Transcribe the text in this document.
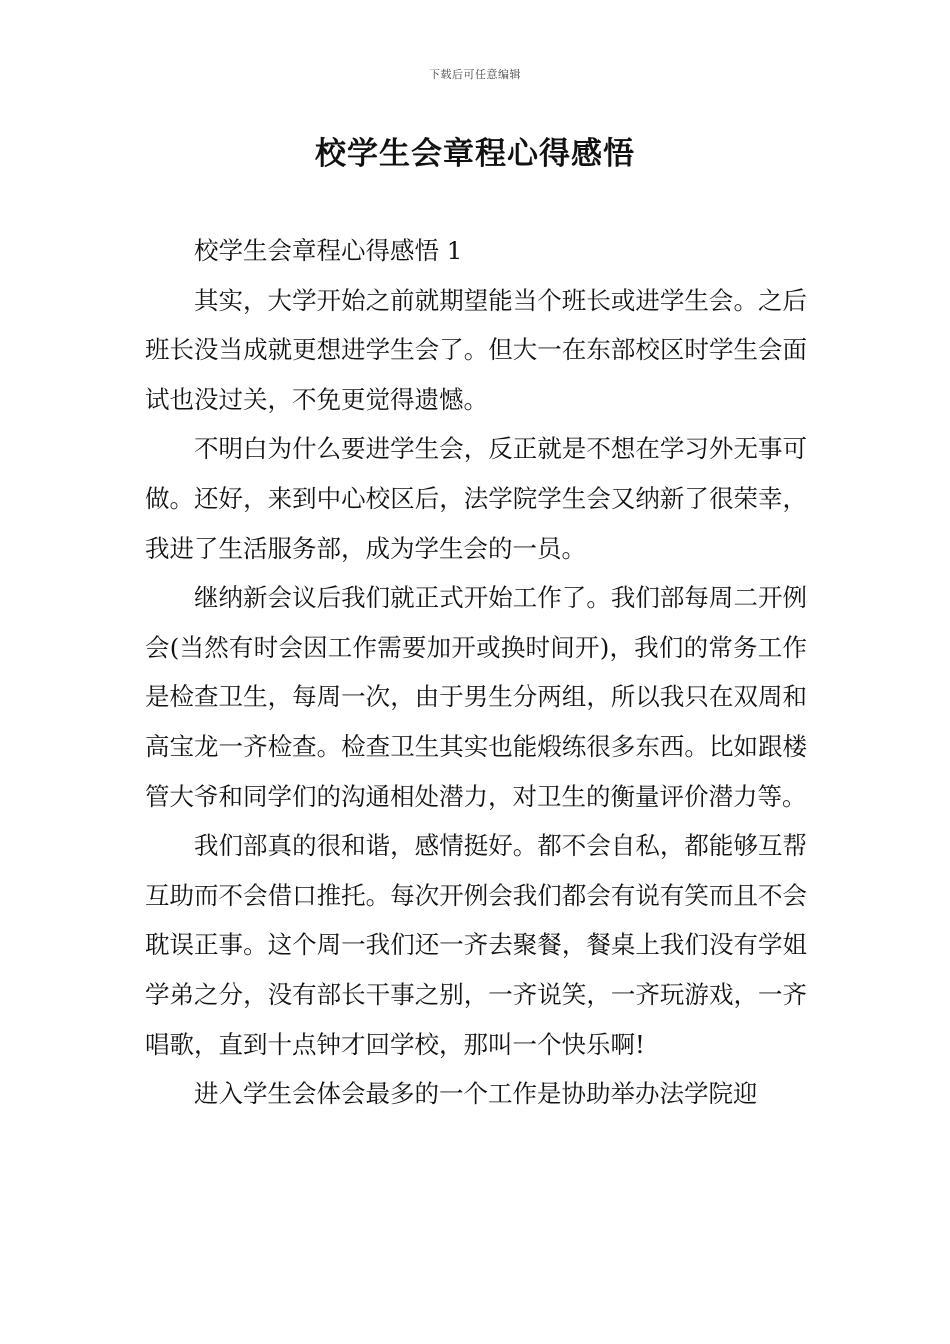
下载后可任意编辑
校学生会章程心得感悟

校学生会章程心得感悟 1

其实，大学开始之前就期望能当个班长或进学生会。之后班长没当成就更想进学生会了。但大一在东部校区时学生会面试也没过关，不免更觉得遗憾。

不明白为什么要进学生会，反正就是不想在学习外无事可做。还好，来到中心校区后，法学院学生会又纳新了很荣幸，我进了生活服务部，成为学生会的一员。

继纳新会议后我们就正式开始工作了。我们部每周二开例会(当然有时会因工作需要加开或换时间开)，我们的常务工作是检查卫生，每周一次，由于男生分两组，所以我只在双周和高宝龙一齐检查。检查卫生其实也能煅练很多东西。比如跟楼管大爷和同学们的沟通相处潜力，对卫生的衡量评价潜力等。

我们部真的很和谐，感情挺好。都不会自私，都能够互帮互助而不会借口推托。每次开例会我们都会有说有笑而且不会耽误正事。这个周一我们还一齐去聚餐，餐桌上我们没有学姐学弟之分，没有部长干事之别，一齐说笑，一齐玩游戏，一齐唱歌，直到十点钟才回学校，那叫一个快乐啊!

进入学生会体会最多的一个工作是协助举办法学院迎
